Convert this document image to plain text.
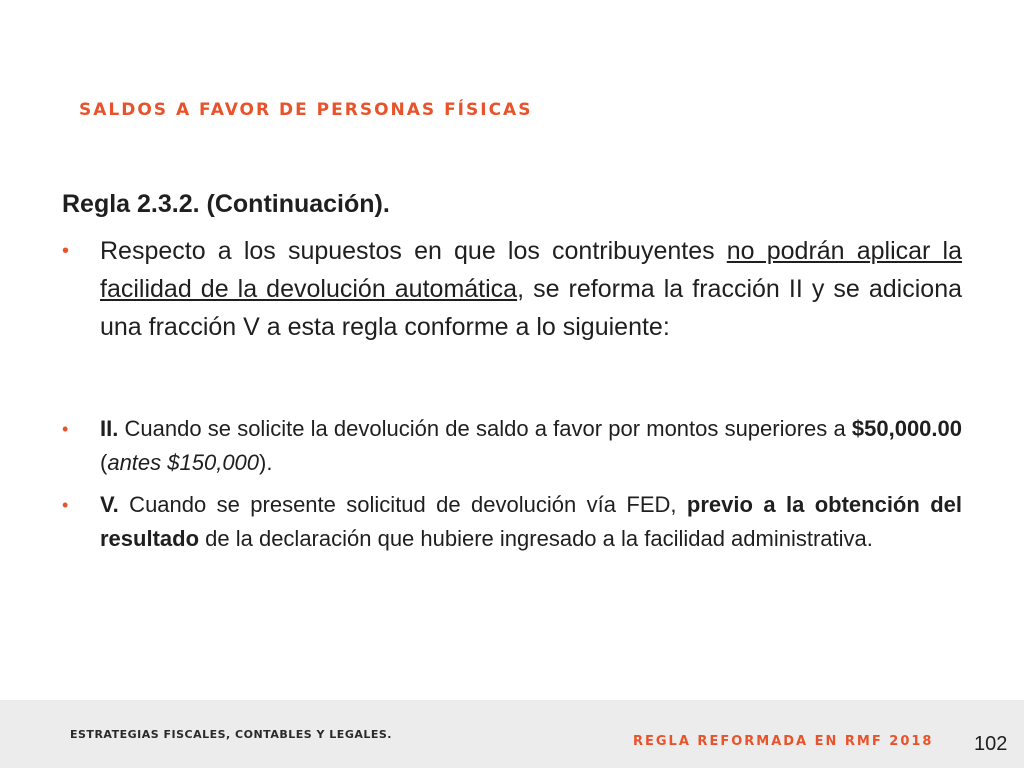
SALDOS A FAVOR DE PERSONAS FÍSICAS
Regla 2.3.2. (Continuación).
• Respecto a los supuestos en que los contribuyentes no podrán aplicar la facilidad de la devolución automática, se reforma la fracción II y se adiciona una fracción V a esta regla conforme a lo siguiente:
• II. Cuando se solicite la devolución de saldo a favor por montos superiores a $50,000.00 (antes $150,000).
• V. Cuando se presente solicitud de devolución vía FED, previo a la obtención del resultado de la declaración que hubiere ingresado a la facilidad administrativa.
ESTRATEGIAS FISCALES, CONTABLES Y LEGALES.	REGLA REFORMADA EN RMF 2018 102
